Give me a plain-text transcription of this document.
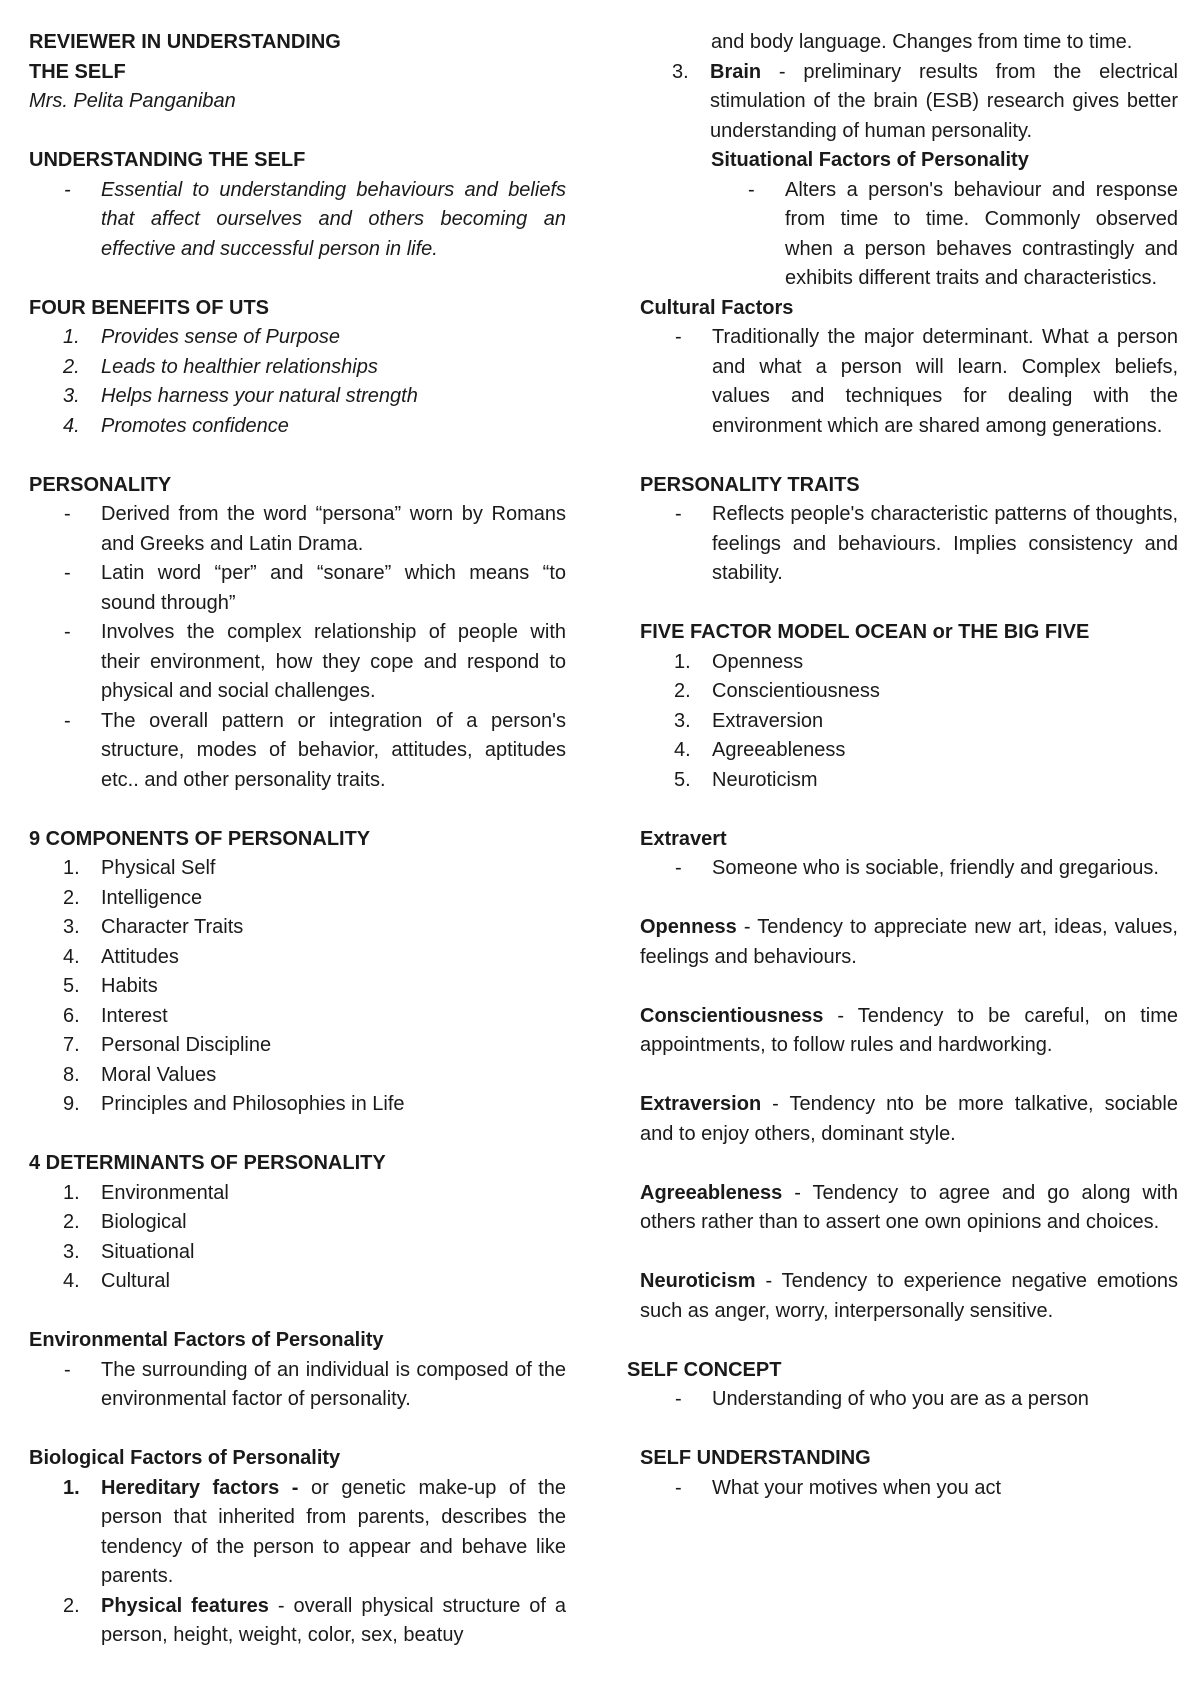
REVIEWER IN UNDERSTANDING

THE SELF

Mrs. Pelita Panganiban

UNDERSTANDING THE SELF

- Essential to understanding behaviours and beliefs that affect ourselves and others becoming an effective and successful person in life.

FOUR BENEFITS OF UTS

1.	Provides sense of Purpose
2.	Leads to healthier relationships
3.	Helps harness your natural strength
4.	Promotes confidence

PERSONALITY

- Derived from the word “persona” worn by Romans and Greeks and Latin Drama.
- Latin word “per” and “sonare” which means “to sound through”
- Involves the complex relationship of people with their environment, how they cope and respond to physical and social challenges.
- The overall pattern or integration of a person's structure, modes of behavior, attitudes, aptitudes etc.. and other personality traits.

9 COMPONENTS OF PERSONALITY

1.	Physical Self
2.	Intelligence
3.	Character Traits
4.	Attitudes
5.	Habits
6.	Interest
7.	Personal Discipline
8.	Moral Values
9.	Principles and Philosophies in Life

4 DETERMINANTS OF PERSONALITY

1.	Environmental
2.	Biological
3.	Situational
4.	Cultural

Environmental Factors of Personality

- The surrounding of an individual is composed of the environmental factor of personality.

Biological Factors of Personality

1.	Hereditary factors - or genetic make-up of the person that inherited from parents, describes the tendency of the person to appear and behave like parents.
2.	Physical features - overall physical structure of a person, height, weight, color, sex, beatuy

and body language. Changes from time to time.

3.	Brain - preliminary results from the electrical stimulation of the brain (ESB) research gives better understanding of human personality.

Situational Factors of Personality

- Alters a person's behaviour and response from time to time. Commonly observed when a person behaves contrastingly and exhibits different traits and characteristics.

Cultural Factors

- Traditionally the major determinant. What a person and what a person will learn. Complex beliefs, values and techniques for dealing with the environment which are shared among generations.

PERSONALITY TRAITS

- Reflects people's characteristic patterns of thoughts, feelings and behaviours. Implies consistency and stability.

FIVE FACTOR MODEL OCEAN or THE BIG FIVE

1.	Openness
2.	Conscientiousness
3.	Extraversion
4.	Agreeableness
5.	Neuroticism

Extravert

- Someone who is sociable, friendly and gregarious.

Openness - Tendency to appreciate new art, ideas, values, feelings and behaviours.

Conscientiousness - Tendency to be careful, on time appointments, to follow rules and hardworking.

Extraversion - Tendency nto be more talkative, sociable and to enjoy others, dominant style.

Agreeableness - Tendency to agree and go along with others rather than to assert one own opinions and choices.

Neuroticism - Tendency to experience negative emotions such as anger, worry, interpersonally sensitive.

SELF CONCEPT

- Understanding of who you are as a person

SELF UNDERSTANDING

- What your motives when you act
